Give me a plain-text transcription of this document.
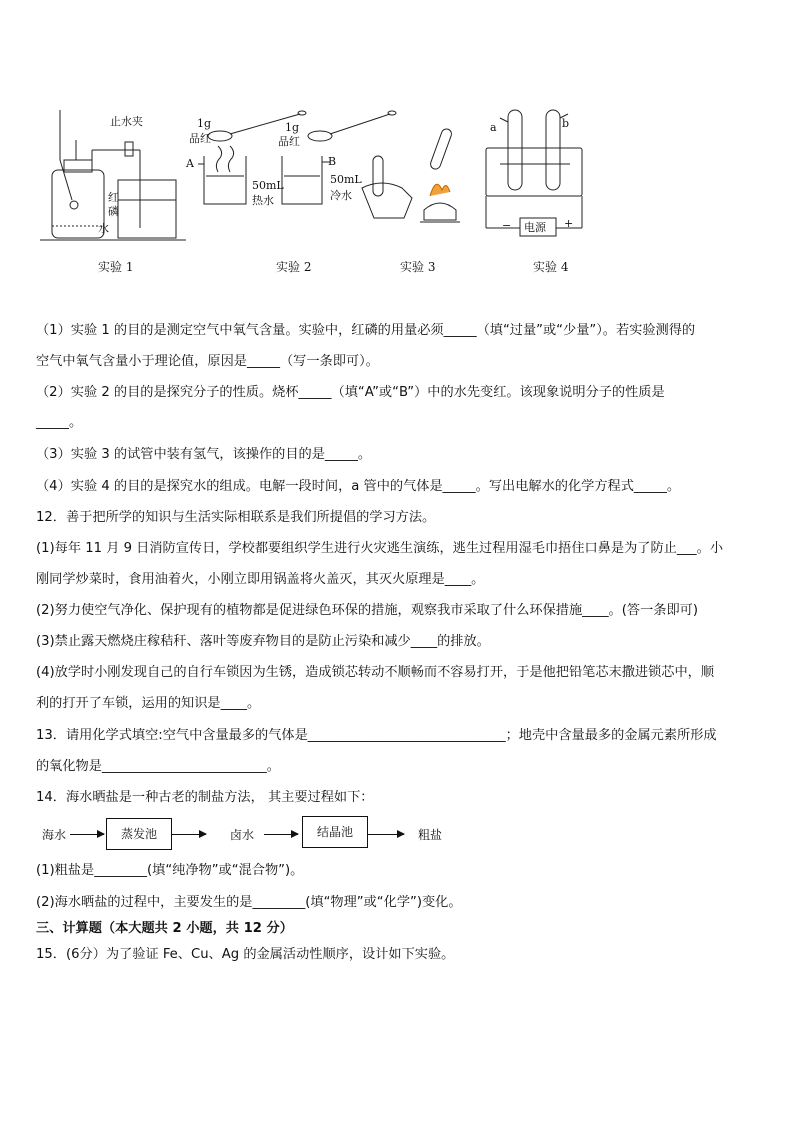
止水夹
红
磷
水
1g
品红
1g
品红
A	B
50mL
热水
50mL
冷水
a	b
−	+
电源
实验 1	实验 2	实验 3	实验 4
（1）实验 1 的目的是测定空气中氧气含量。实验中，红磷的用量必须_____（填“过量”或“少量”）。若实验测得的
空气中氧气含量小于理论值，原因是_____（写一条即可）。
（2）实验 2 的目的是探究分子的性质。烧杯_____（填“A”或“B”）中的水先变红。该现象说明分子的性质是
_____。
（3）实验 3 的试管中装有氢气，该操作的目的是_____。
（4）实验 4 的目的是探究水的组成。电解一段时间，a 管中的气体是_____。写出电解水的化学方程式_____。
12．善于把所学的知识与生活实际相联系是我们所提倡的学习方法。
(1)每年 11 月 9 日消防宣传日，学校都要组织学生进行火灾逃生演练，逃生过程用湿毛巾捂住口鼻是为了防止___。小
刚同学炒菜时，食用油着火，小刚立即用锅盖将火盖灭，其灭火原理是____。
(2)努力使空气净化、保护现有的植物都是促进绿色环保的措施，观察我市采取了什么环保措施____。(答一条即可)
(3)禁止露天燃烧庄稼秸秆、落叶等废弃物目的是防止污染和减少____的排放。
(4)放学时小刚发现自己的自行车锁因为生锈，造成锁芯转动不顺畅而不容易打开，于是他把铅笔芯末撒进锁芯中，顺
利的打开了车锁，运用的知识是____。
13．请用化学式填空:空气中含量最多的气体是______________________________；地壳中含量最多的金属元素所形成
的氧化物是_________________________。
14．海水晒盐是一种古老的制盐方法， 其主要过程如下：
海水	蒸发池	卤水	结晶池	粗盐
(1)粗盐是________(填“纯净物”或“混合物”)。
(2)海水晒盐的过程中，主要发生的是________(填“物理”或“化学”)变化。
三、计算题（本大题共 2 小题，共 12 分）
15．(6分）为了验证 Fe、Cu、Ag 的金属活动性顺序，设计如下实验。
